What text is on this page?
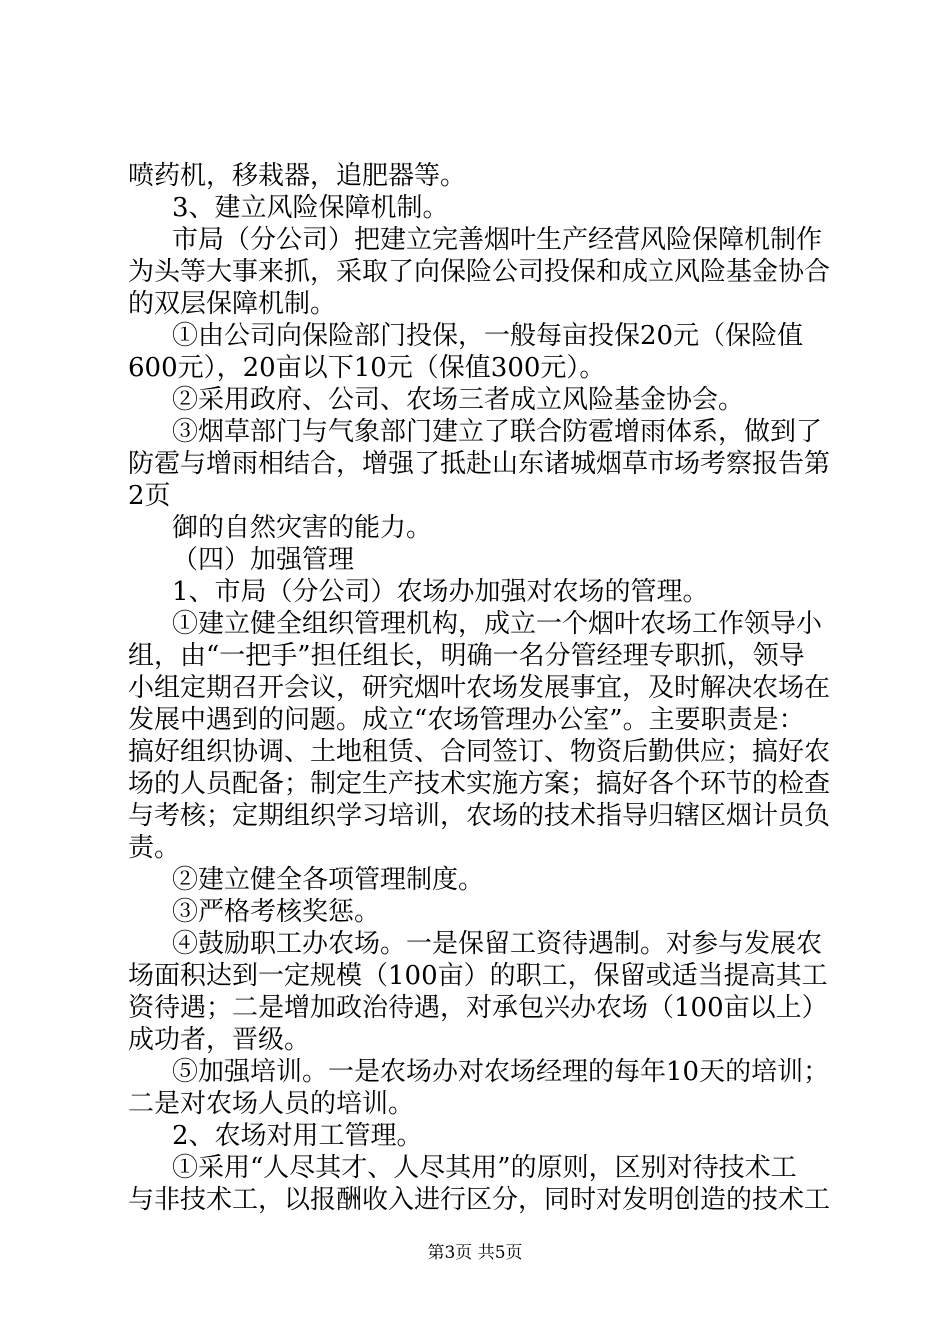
喷药机，移栽器，追肥器等。
3、建立风险保障机制。
市局（分公司）把建立完善烟叶生产经营风险保障机制作
为头等大事来抓，采取了向保险公司投保和成立风险基金协合
的双层保障机制。
①由公司向保险部门投保，一般每亩投保20元（保险值
600元），20亩以下10元（保值300元）。
②采用政府、公司、农场三者成立风险基金协会。
③烟草部门与气象部门建立了联合防雹增雨体系，做到了
防雹与增雨相结合，增强了抵赴山东诸城烟草市场考察报告第
2页
御的自然灾害的能力。
（四）加强管理
1、市局（分公司）农场办加强对农场的管理。
①建立健全组织管理机构，成立一个烟叶农场工作领导小
组，由“一把手”担任组长，明确一名分管经理专职抓，领导
小组定期召开会议，研究烟叶农场发展事宜，及时解决农场在
发展中遇到的问题。成立“农场管理办公室”。主要职责是：
搞好组织协调、土地租赁、合同签订、物资后勤供应；搞好农
场的人员配备；制定生产技术实施方案；搞好各个环节的检查
与考核；定期组织学习培训，农场的技术指导归辖区烟计员负
责。
②建立健全各项管理制度。
③严格考核奖惩。
④鼓励职工办农场。一是保留工资待遇制。对参与发展农
场面积达到一定规模（100亩）的职工，保留或适当提高其工
资待遇；二是增加政治待遇，对承包兴办农场（100亩以上）
成功者，晋级。
⑤加强培训。一是农场办对农场经理的每年10天的培训；
二是对农场人员的培训。
2、农场对用工管理。
①采用“人尽其才、人尽其用”的原则，区别对待技术工
与非技术工，以报酬收入进行区分，同时对发明创造的技术工
第3页 共5页
